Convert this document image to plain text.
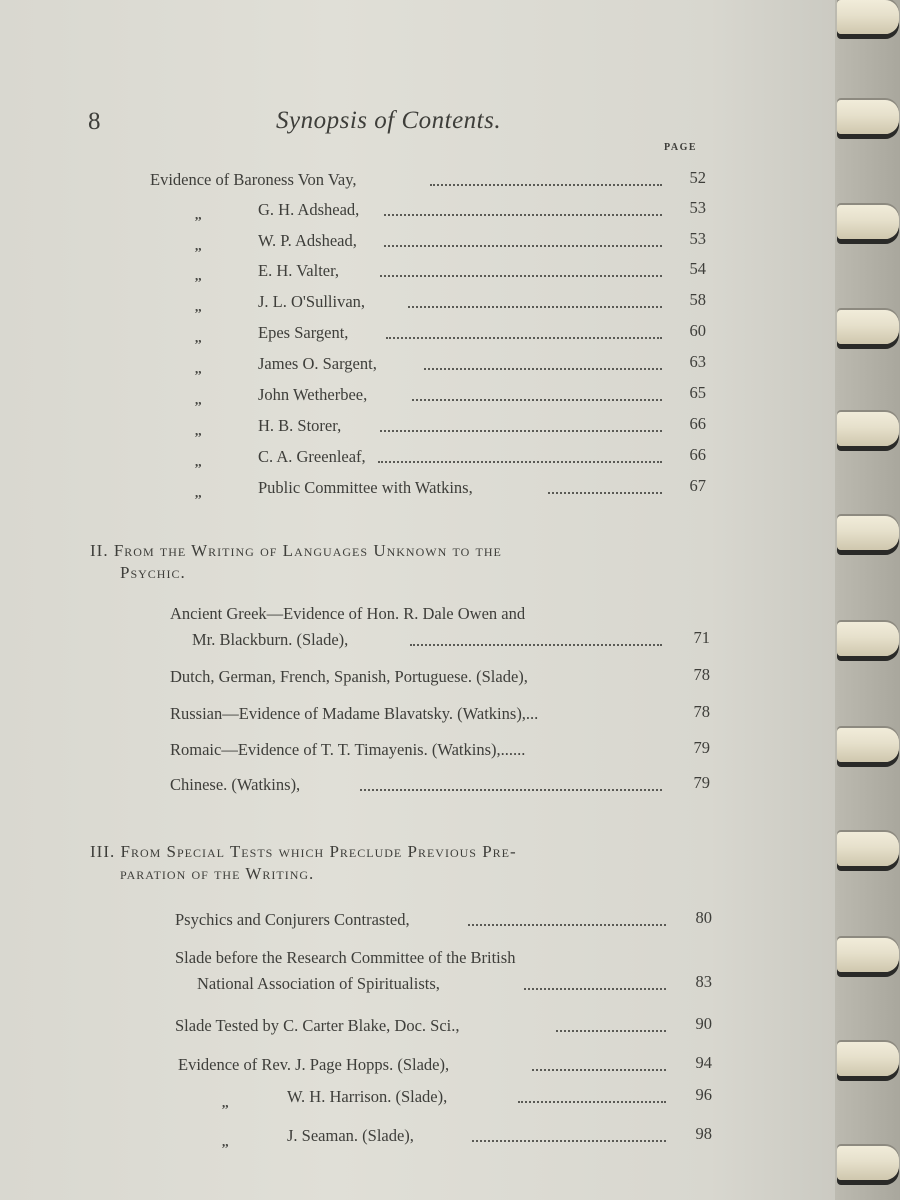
8	Synopsis of Contents.
PAGE
Evidence of Baroness Von Vay,	52
,,	G. H. Adshead,	53
,,	W. P. Adshead,	53
,,	E. H. Valter,	54
,,	J. L. O'Sullivan,	58
,,	Epes Sargent,	60
,,	James O. Sargent,	63
,,	John Wetherbee,	65
,,	H. B. Storer,	66
,,	C. A. Greenleaf,	66
,,	Public Committee with Watkins,	67
II. From the Writing of Languages Unknown to the
Psychic.
Ancient Greek—Evidence of Hon. R. Dale Owen and
Mr. Blackburn. (Slade),	71
Dutch, German, French, Spanish, Portuguese. (Slade),	78
Russian—Evidence of Madame Blavatsky. (Watkins),...	78
Romaic—Evidence of T. T. Timayenis. (Watkins),......	79
Chinese. (Watkins),	79
III. From Special Tests which Preclude Previous Pre-
paration of the Writing.
Psychics and Conjurers Contrasted,	80
Slade before the Research Committee of the British
National Association of Spiritualists,	83
Slade Tested by C. Carter Blake, Doc. Sci.,	90
Evidence of Rev. J. Page Hopps. (Slade),	94
,,	W. H. Harrison. (Slade),	96
,,	J. Seaman. (Slade),	98
